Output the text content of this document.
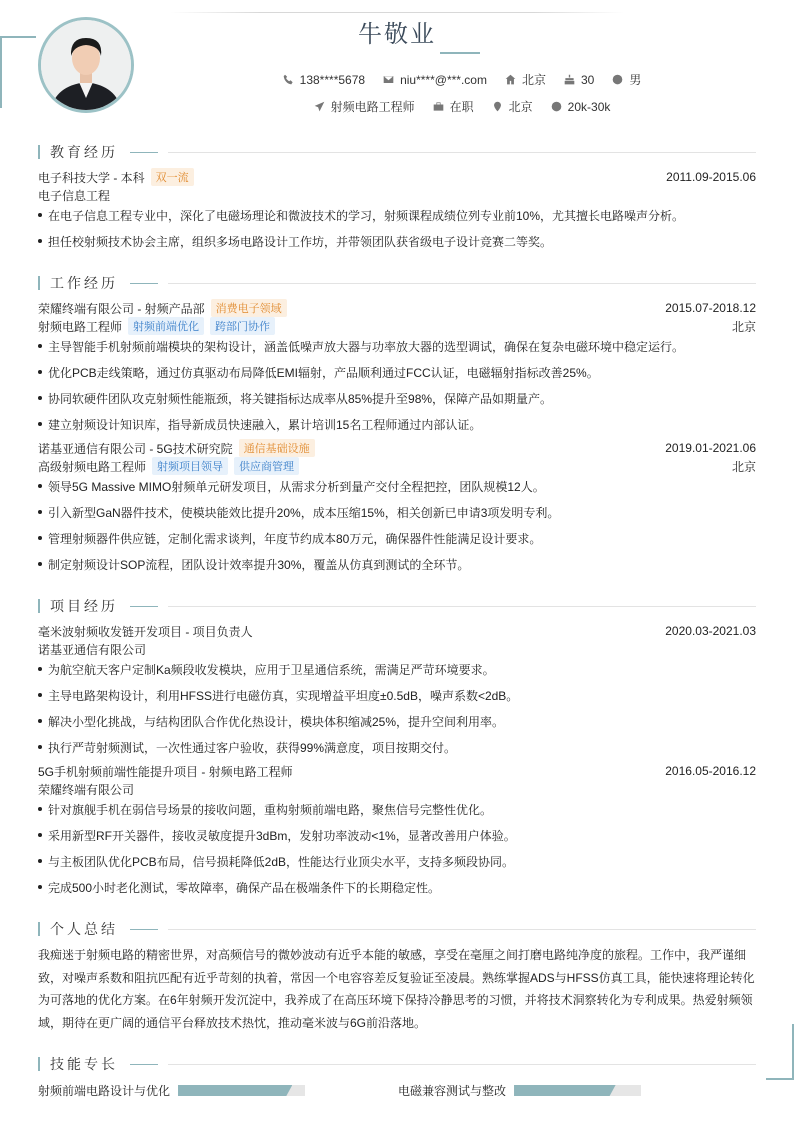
牛敬业
138****5678	niu****@***.com	北京	30	男
射频电路工程师	在职	北京	20k-30k
教育经历
电子科技大学 - 本科	双一流	2011.09-2015.06
电子信息工程
在电子信息工程专业中，深化了电磁场理论和微波技术的学习，射频课程成绩位列专业前10%，尤其擅长电路噪声分析。
担任校射频技术协会主席，组织多场电路设计工作坊，并带领团队获省级电子设计竞赛二等奖。
工作经历
荣耀终端有限公司 - 射频产品部	消费电子领域	2015.07-2018.12
射频电路工程师	射频前端优化	跨部门协作	北京
主导智能手机射频前端模块的架构设计，涵盖低噪声放大器与功率放大器的选型调试，确保在复杂电磁环境中稳定运行。
优化PCB走线策略，通过仿真驱动布局降低EMI辐射，产品顺利通过FCC认证，电磁辐射指标改善25%。
协同软硬件团队攻克射频性能瓶颈，将关键指标达成率从85%提升至98%，保障产品如期量产。
建立射频设计知识库，指导新成员快速融入，累计培训15名工程师通过内部认证。
诺基亚通信有限公司 - 5G技术研究院	通信基础设施	2019.01-2021.06
高级射频电路工程师	射频项目领导	供应商管理	北京
领导5G Massive MIMO射频单元研发项目，从需求分析到量产交付全程把控，团队规模12人。
引入新型GaN器件技术，使模块能效比提升20%，成本压缩15%，相关创新已申请3项发明专利。
管理射频器件供应链，定制化需求谈判，年度节约成本80万元，确保器件性能满足设计要求。
制定射频设计SOP流程，团队设计效率提升30%，覆盖从仿真到测试的全环节。
项目经历
毫米波射频收发链开发项目 - 项目负责人	2020.03-2021.03
诺基亚通信有限公司
为航空航天客户定制Ka频段收发模块，应用于卫星通信系统，需满足严苛环境要求。
主导电路架构设计，利用HFSS进行电磁仿真，实现增益平坦度±0.5dB，噪声系数<2dB。
解决小型化挑战，与结构团队合作优化热设计，模块体积缩减25%，提升空间利用率。
执行严苛射频测试，一次性通过客户验收，获得99%满意度，项目按期交付。
5G手机射频前端性能提升项目 - 射频电路工程师	2016.05-2016.12
荣耀终端有限公司
针对旗舰手机在弱信号场景的接收问题，重构射频前端电路，聚焦信号完整性优化。
采用新型RF开关器件，接收灵敏度提升3dBm，发射功率波动<1%，显著改善用户体验。
与主板团队优化PCB布局，信号损耗降低2dB，性能达行业顶尖水平，支持多频段协同。
完成500小时老化测试，零故障率，确保产品在极端条件下的长期稳定性。
个人总结
我痴迷于射频电路的精密世界，对高频信号的微妙波动有近乎本能的敏感，享受在毫厘之间打磨电路纯净度的旅程。工作中，我严谨细致，对噪声系数和阻抗匹配有近乎苛刻的执着，常因一个电容容差反复验证至凌晨。熟练掌握ADS与HFSS仿真工具，能快速将理论转化为可落地的优化方案。在6年射频开发沉淀中，我养成了在高压环境下保持冷静思考的习惯，并将技术洞察转化为专利成果。热爱射频领域，期待在更广阔的通信平台释放技术热忱，推动毫米波与6G前沿落地。
技能专长
射频前端电路设计与优化	电磁兼容测试与整改
